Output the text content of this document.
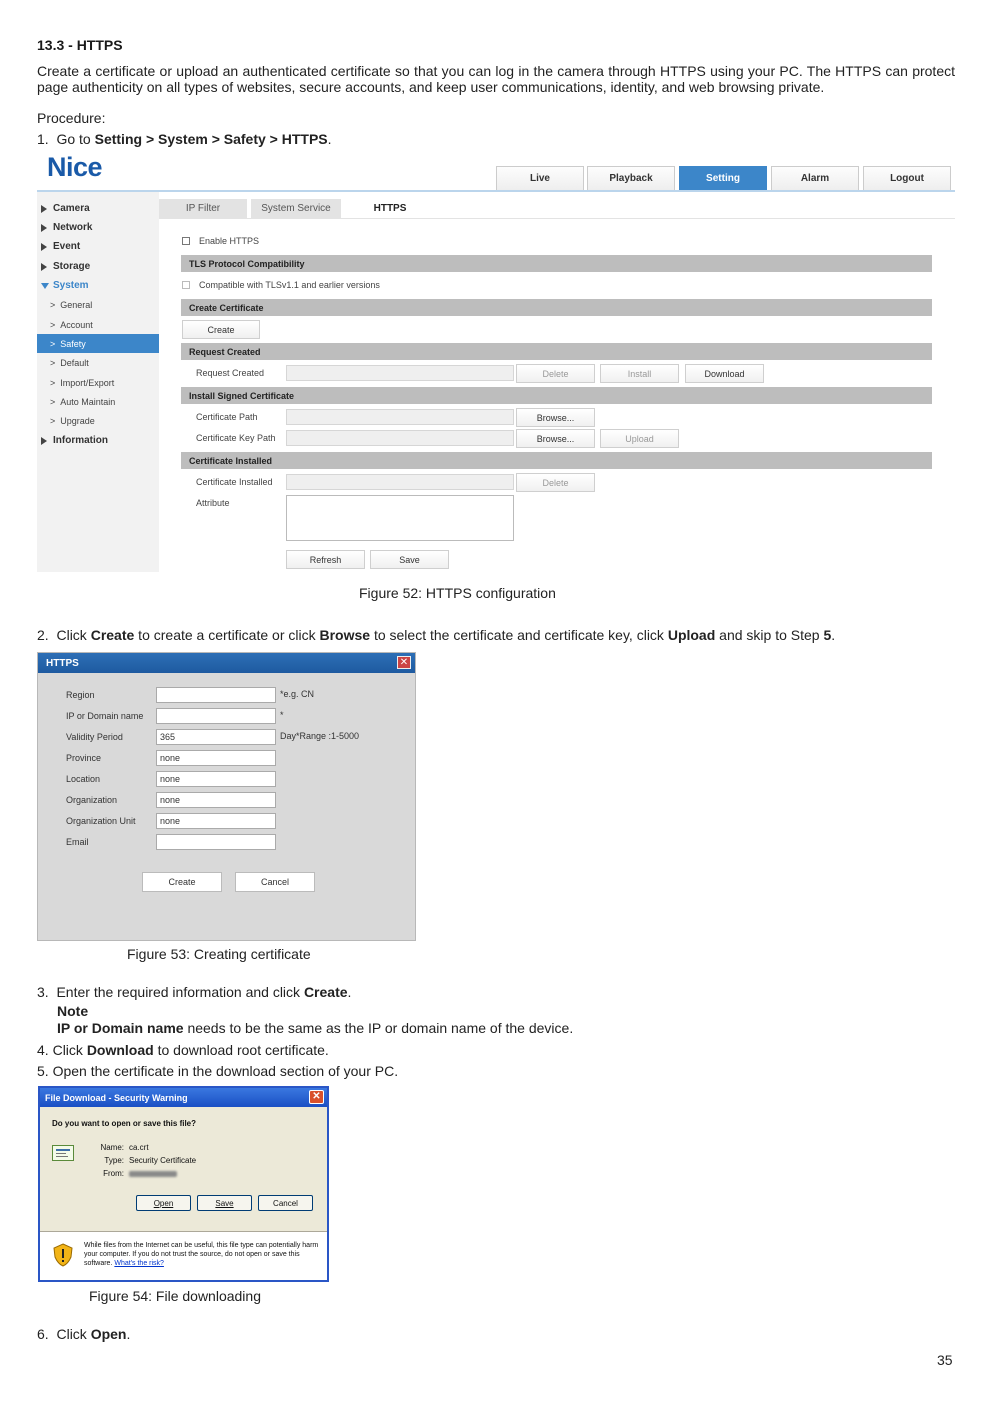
13.3 - HTTPS
Create a certificate or upload an authenticated certificate so that you can log in the camera through HTTPS using your PC. The HTTPS can protect page authenticity on all types of websites, secure accounts, and keep user communications, identity, and web browsing private.
Procedure:
1. Go to Setting > System > Safety > HTTPS.
Nice	Live	Playback	Setting	Alarm	Logout
Camera
Network
Event
Storage
System
> General
> Account
> Safety
> Default
> Import/Export
> Auto Maintain
> Upgrade
Information
IP Filter	System Service	HTTPS
Enable HTTPS
TLS Protocol Compatibility
Compatible with TLSv1.1 and earlier versions
Create Certificate
Create
Request Created
Request Created	Delete	Install	Download
Install Signed Certificate
Certificate Path	Browse...
Certificate Key Path	Browse...	Upload
Certificate Installed
Certificate Installed	Delete
Attribute
Refresh	Save
Figure 52: HTTPS configuration
2. Click Create to create a certificate or click Browse to select the certificate and certificate key, click Upload and skip to Step 5.
HTTPS	✕
Region	*e.g. CN
IP or Domain name	*
Validity Period	365	Day*Range :1-5000
Province	none
Location	none
Organization	none
Organization Unit	none
Email
Create	Cancel
Figure 53: Creating certificate
3. Enter the required information and click Create.
Note
IP or Domain name needs to be the same as the IP or domain name of the device.
4. Click Download to download root certificate.
5. Open the certificate in the download section of your PC.
File Download - Security Warning	✕
Do you want to open or save this file?
Name: ca.crt
Type: Security Certificate
From:
Open	Save	Cancel
While files from the Internet can be useful, this file type can potentially harm your computer. If you do not trust the source, do not open or save this software. What's the risk?
Figure 54: File downloading
6. Click Open.
35
